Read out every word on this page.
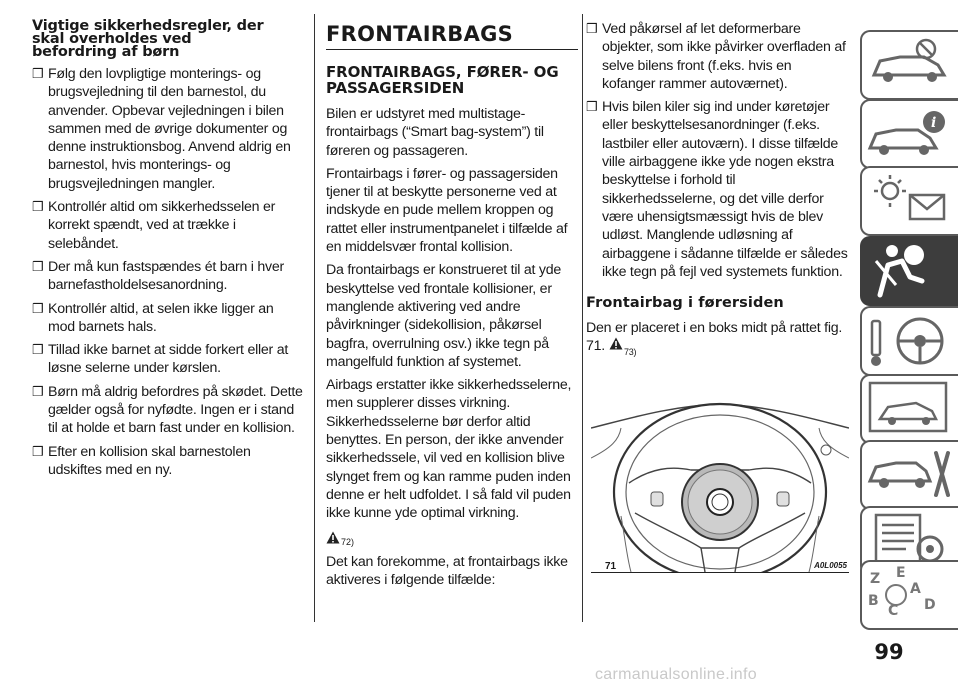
Vigtige sikkerhedsregler, der skal overholdes ved befordring af børn
❒ Følg den lovpligtige monterings- og brugsvejledning til den barnestol, du anvender. Opbevar vejledningen i bilen sammen med de øvrige dokumenter og denne instruktionsbog. Anvend aldrig en barnestol, hvis monterings- og brugsvejledningen mangler.
❒ Kontrollér altid om sikkerhedsselen er korrekt spændt, ved at trække i selebåndet.
❒ Der må kun fastspændes ét barn i hver barnefastholdelsesanordning.
❒ Kontrollér altid, at selen ikke ligger an mod barnets hals.
❒ Tillad ikke barnet at sidde forkert eller at løsne selerne under kørslen.
❒ Børn må aldrig befordres på skødet. Dette gælder også for nyfødte. Ingen er i stand til at holde et barn fast under en kollision.
❒ Efter en kollision skal barnestolen udskiftes med en ny.
FRONTAIRBAGS
FRONTAIRBAGS, FØRER- OG PASSAGERSIDEN

Bilen er udstyret med multistage-frontairbags (“Smart bag-system”) til føreren og passageren.

Frontairbags i fører- og passagersiden tjener til at beskytte personerne ved at indskyde en pude mellem kroppen og rattet eller instrumentpanelet i tilfælde af en middelsvær frontal kollision.

Da frontairbags er konstrueret til at yde beskyttelse ved frontale kollisioner, er manglende aktivering ved andre påvirkninger (sidekollision, påkørsel bagfra, overrulning osv.) ikke tegn på mangelfuld funktion af systemet.

Airbags erstatter ikke sikkerhedsselerne, men supplerer disses virkning. Sikkerhedsselerne bør derfor altid benyttes. En person, der ikke anvender sikkerhedssele, vil ved en kollision blive slynget frem og kan ramme puden inden denne er helt udfoldet. I så fald vil puden ikke kunne yde optimal virkning.

$^{72)}$

Det kan forekomme, at frontairbags ikke aktiveres i følgende tilfælde:

❒ Ved påkørsel af let deformerbare objekter, som ikke påvirker overfladen af selve bilens front (f.eks. hvis en kofanger rammer autoværnet).
❒ Hvis bilen kiler sig ind under køretøjer eller beskyttelsesanordninger (f.eks. lastbiler eller autoværn). I disse tilfælde ville airbaggene ikke yde nogen ekstra beskyttelse i forhold til sikkerhedsselerne, og det ville derfor være uhensigtsmæssigt hvis de blev udløst. Manglende udløsning af airbaggene i sådanne tilfælde er således ikke tegn på fejl ved systemets funktion.
Frontairbag i førersiden

Den er placeret i en boks midt på rattet fig. 71. $^{73)}$

71	A0L0055
i
Z E
A
B
C D
99
carmanualsonline.info
